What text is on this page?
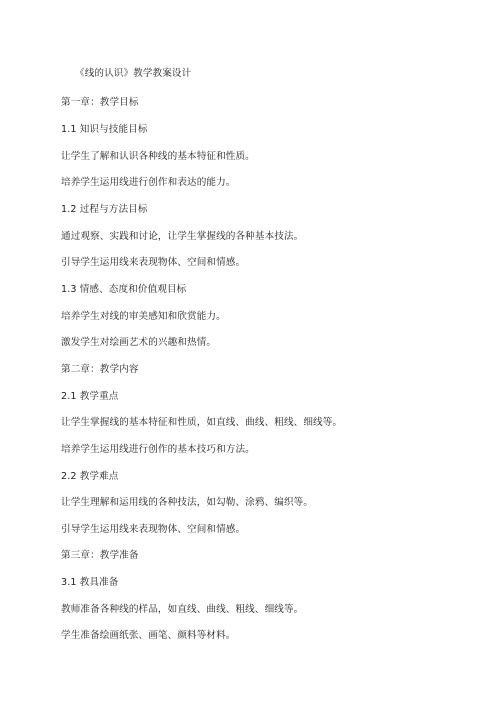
《线的认识》教学教案设计
第一章：教学目标
1.1 知识与技能目标
让学生了解和认识各种线的基本特征和性质。
培养学生运用线进行创作和表达的能力。
1.2 过程与方法目标
通过观察、实践和讨论，让学生掌握线的各种基本技法。
引导学生运用线来表现物体、空间和情感。
1.3 情感、态度和价值观目标
培养学生对线的审美感知和欣赏能力。
激发学生对绘画艺术的兴趣和热情。
第二章：教学内容
2.1 教学重点
让学生掌握线的基本特征和性质，如直线、曲线、粗线、细线等。
培养学生运用线进行创作的基本技巧和方法。
2.2 教学难点
让学生理解和运用线的各种技法，如勾勒、涂鸦、编织等。
引导学生运用线来表现物体、空间和情感。
第三章：教学准备
3.1 教具准备
教师准备各种线的样品，如直线、曲线、粗线、细线等。
学生准备绘画纸张、画笔、颜料等材料。
